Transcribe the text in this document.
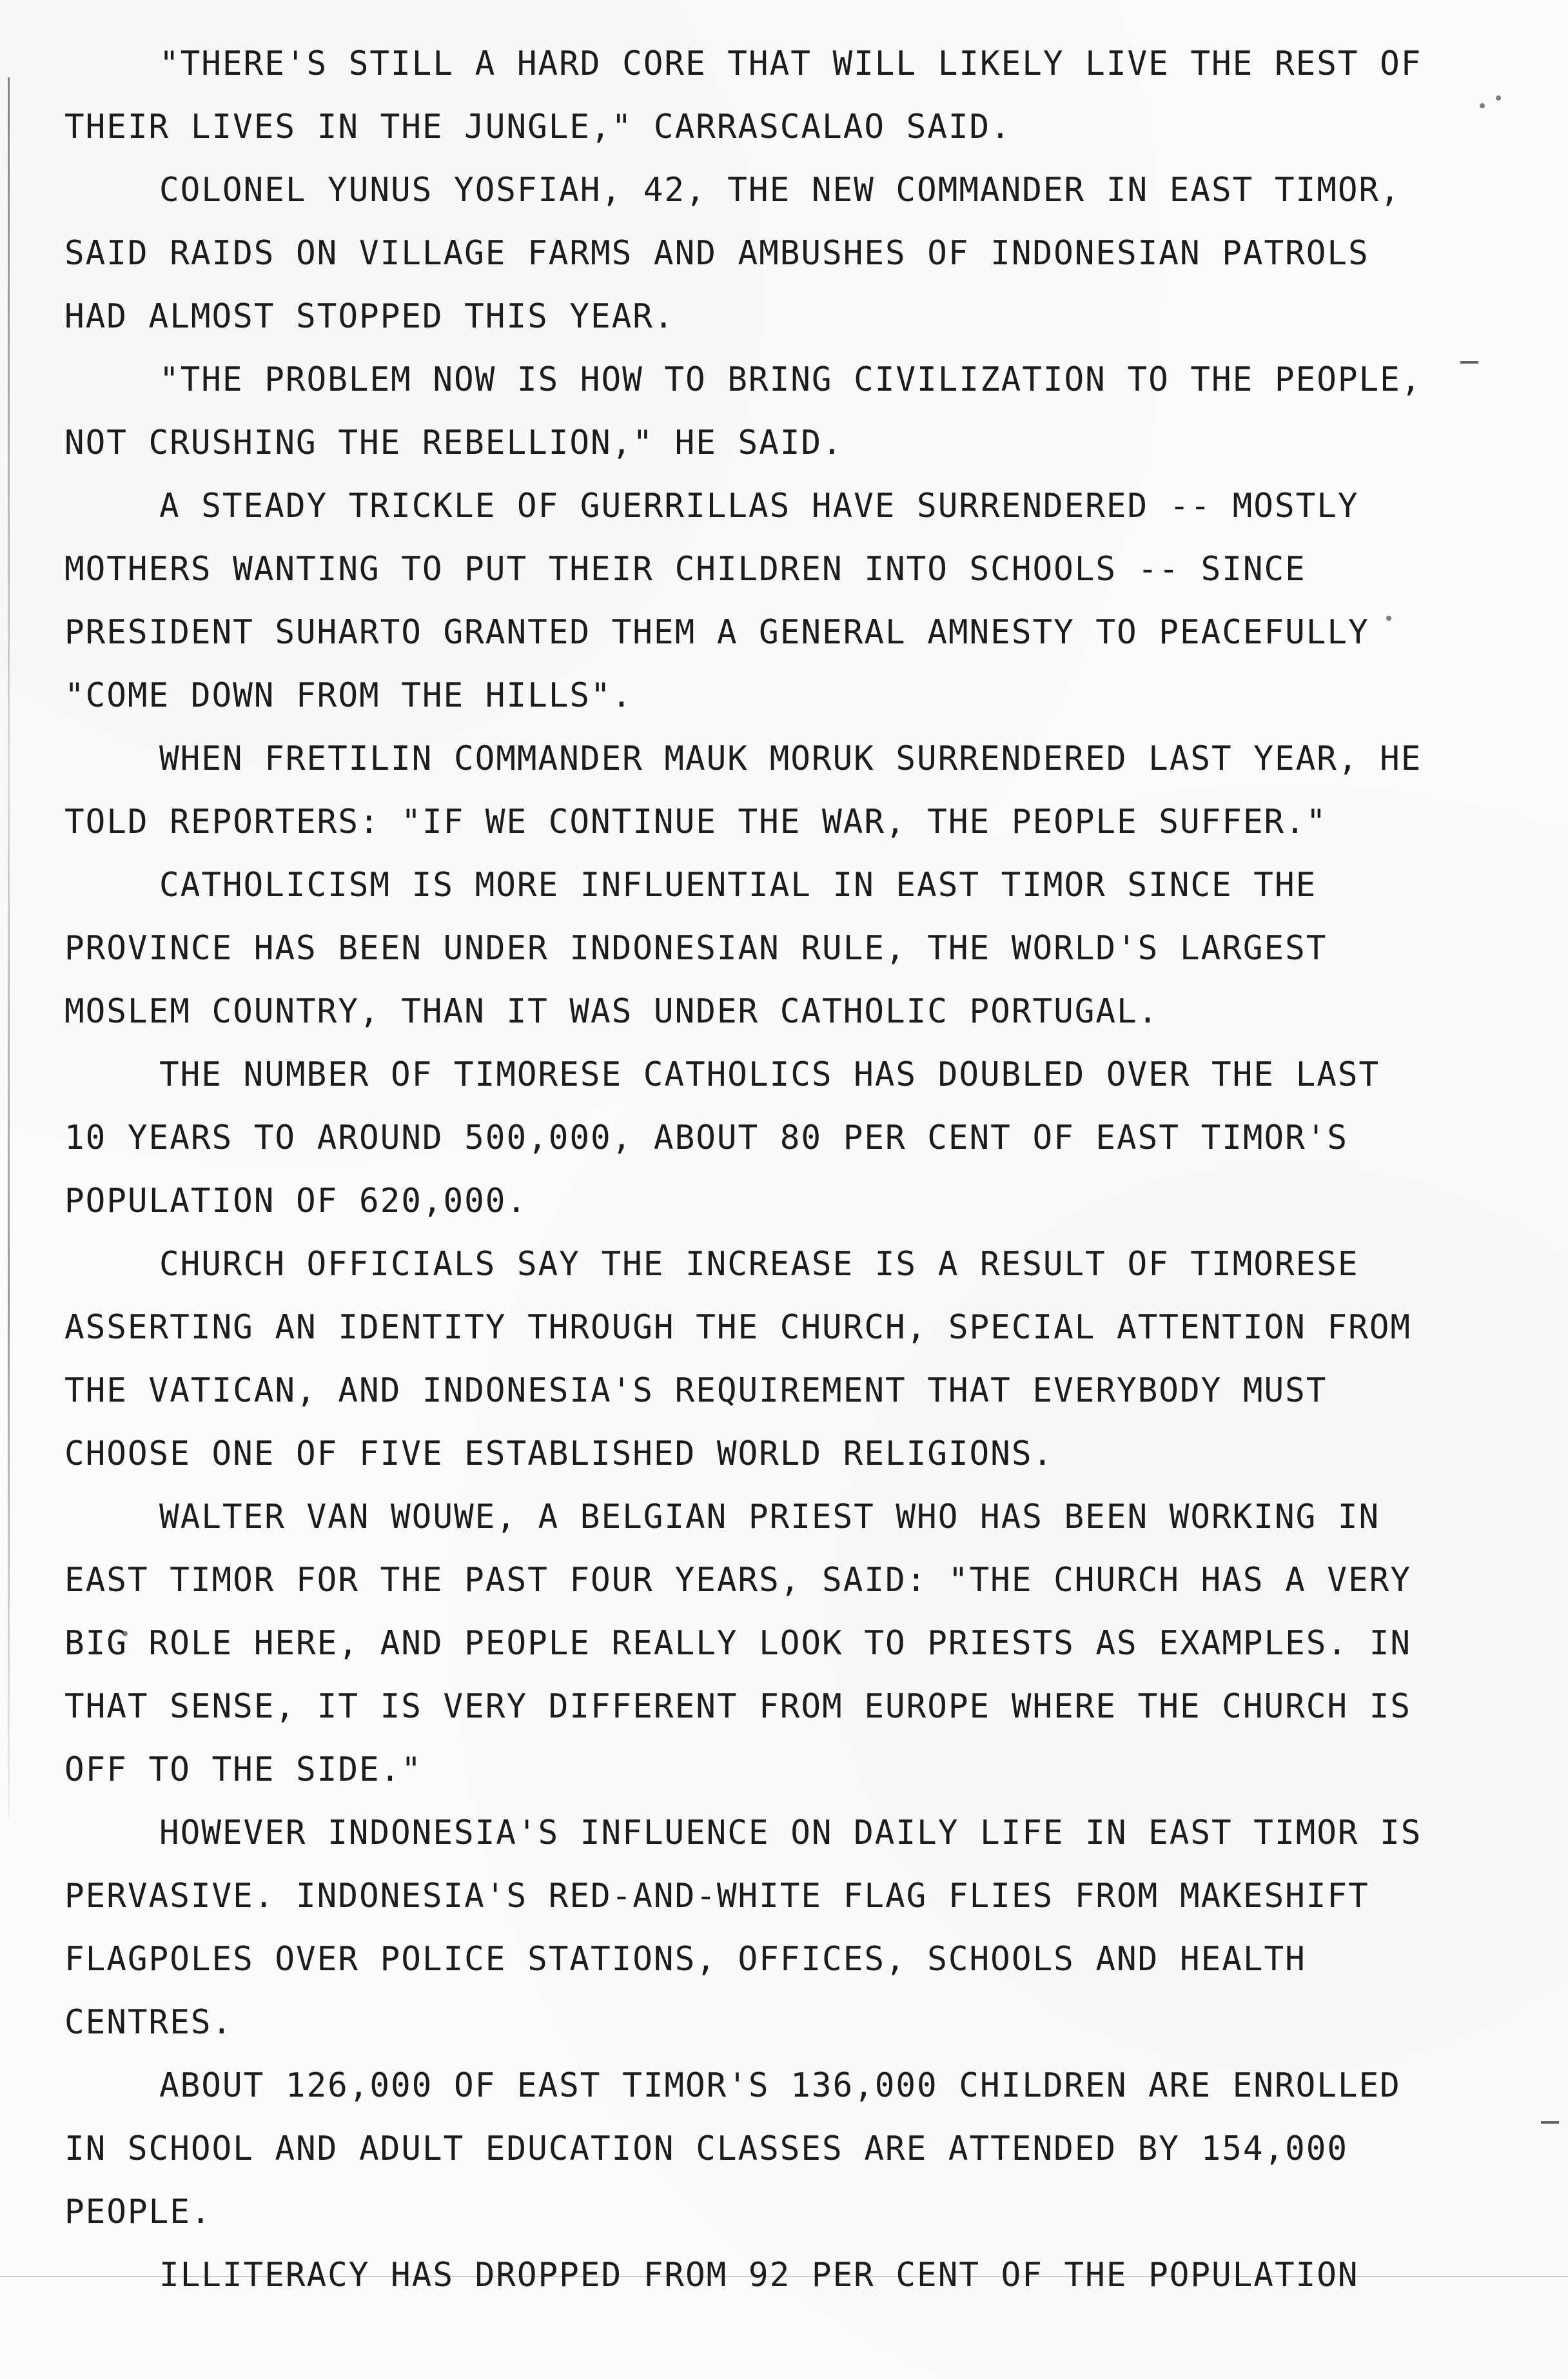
"THERE'S STILL A HARD CORE THAT WILL LIKELY LIVE THE REST OF
THEIR LIVES IN THE JUNGLE," CARRASCALAO SAID.

COLONEL YUNUS YOSFIAH, 42, THE NEW COMMANDER IN EAST TIMOR,
SAID RAIDS ON VILLAGE FARMS AND AMBUSHES OF INDONESIAN PATROLS
HAD ALMOST STOPPED THIS YEAR.

"THE PROBLEM NOW IS HOW TO BRING CIVILIZATION TO THE PEOPLE,
NOT CRUSHING THE REBELLION," HE SAID.

A STEADY TRICKLE OF GUERRILLAS HAVE SURRENDERED -- MOSTLY
MOTHERS WANTING TO PUT THEIR CHILDREN INTO SCHOOLS -- SINCE
PRESIDENT SUHARTO GRANTED THEM A GENERAL AMNESTY TO PEACEFULLY
"COME DOWN FROM THE HILLS".

WHEN FRETILIN COMMANDER MAUK MORUK SURRENDERED LAST YEAR, HE
TOLD REPORTERS: "IF WE CONTINUE THE WAR, THE PEOPLE SUFFER."

CATHOLICISM IS MORE INFLUENTIAL IN EAST TIMOR SINCE THE
PROVINCE HAS BEEN UNDER INDONESIAN RULE, THE WORLD'S LARGEST
MOSLEM COUNTRY, THAN IT WAS UNDER CATHOLIC PORTUGAL.

THE NUMBER OF TIMORESE CATHOLICS HAS DOUBLED OVER THE LAST
10 YEARS TO AROUND 500,000, ABOUT 80 PER CENT OF EAST TIMOR'S
POPULATION OF 620,000.

CHURCH OFFICIALS SAY THE INCREASE IS A RESULT OF TIMORESE
ASSERTING AN IDENTITY THROUGH THE CHURCH, SPECIAL ATTENTION FROM
THE VATICAN, AND INDONESIA'S REQUIREMENT THAT EVERYBODY MUST
CHOOSE ONE OF FIVE ESTABLISHED WORLD RELIGIONS.

WALTER VAN WOUWE, A BELGIAN PRIEST WHO HAS BEEN WORKING IN
EAST TIMOR FOR THE PAST FOUR YEARS, SAID: "THE CHURCH HAS A VERY
BIG ROLE HERE, AND PEOPLE REALLY LOOK TO PRIESTS AS EXAMPLES. IN
THAT SENSE, IT IS VERY DIFFERENT FROM EUROPE WHERE THE CHURCH IS
OFF TO THE SIDE."

HOWEVER INDONESIA'S INFLUENCE ON DAILY LIFE IN EAST TIMOR IS
PERVASIVE. INDONESIA'S RED-AND-WHITE FLAG FLIES FROM MAKESHIFT
FLAGPOLES OVER POLICE STATIONS, OFFICES, SCHOOLS AND HEALTH
CENTRES.

ABOUT 126,000 OF EAST TIMOR'S 136,000 CHILDREN ARE ENROLLED
IN SCHOOL AND ADULT EDUCATION CLASSES ARE ATTENDED BY 154,000
PEOPLE.

ILLITERACY HAS DROPPED FROM 92 PER CENT OF THE POPULATION
